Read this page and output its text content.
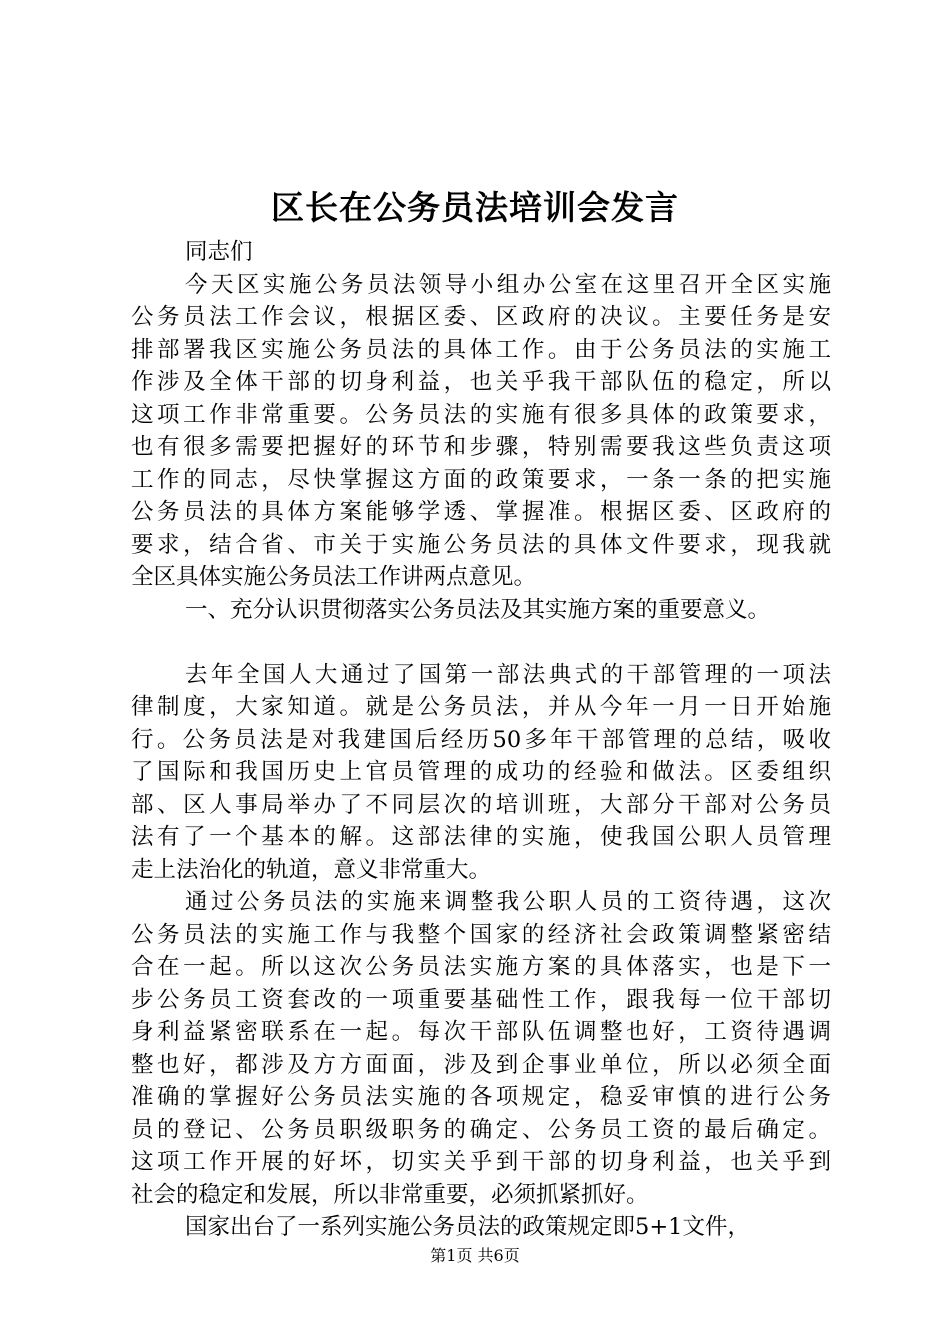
区长在公务员法培训会发言
同志们
今天区实施公务员法领导小组办公室在这里召开全区实施
公务员法工作会议，根据区委、区政府的决议。主要任务是安
排部署我区实施公务员法的具体工作。由于公务员法的实施工
作涉及全体干部的切身利益，也关乎我干部队伍的稳定，所以
这项工作非常重要。公务员法的实施有很多具体的政策要求，
也有很多需要把握好的环节和步骤，特别需要我这些负责这项
工作的同志，尽快掌握这方面的政策要求，一条一条的把实施
公务员法的具体方案能够学透、掌握准。根据区委、区政府的
要求，结合省、市关于实施公务员法的具体文件要求，现我就
全区具体实施公务员法工作讲两点意见。
一、充分认识贯彻落实公务员法及其实施方案的重要意义。
去年全国人大通过了国第一部法典式的干部管理的一项法
律制度，大家知道。就是公务员法，并从今年一月一日开始施
行。公务员法是对我建国后经历50多年干部管理的总结，吸收
了国际和我国历史上官员管理的成功的经验和做法。区委组织
部、区人事局举办了不同层次的培训班，大部分干部对公务员
法有了一个基本的解。这部法律的实施，使我国公职人员管理
走上法治化的轨道，意义非常重大。
通过公务员法的实施来调整我公职人员的工资待遇，这次
公务员法的实施工作与我整个国家的经济社会政策调整紧密结
合在一起。所以这次公务员法实施方案的具体落实，也是下一
步公务员工资套改的一项重要基础性工作，跟我每一位干部切
身利益紧密联系在一起。每次干部队伍调整也好，工资待遇调
整也好，都涉及方方面面，涉及到企事业单位，所以必须全面
准确的掌握好公务员法实施的各项规定，稳妥审慎的进行公务
员的登记、公务员职级职务的确定、公务员工资的最后确定。
这项工作开展的好坏，切实关乎到干部的切身利益，也关乎到
社会的稳定和发展，所以非常重要，必须抓紧抓好。
国家出台了一系列实施公务员法的政策规定即5+1文件，
第1页 共6页
